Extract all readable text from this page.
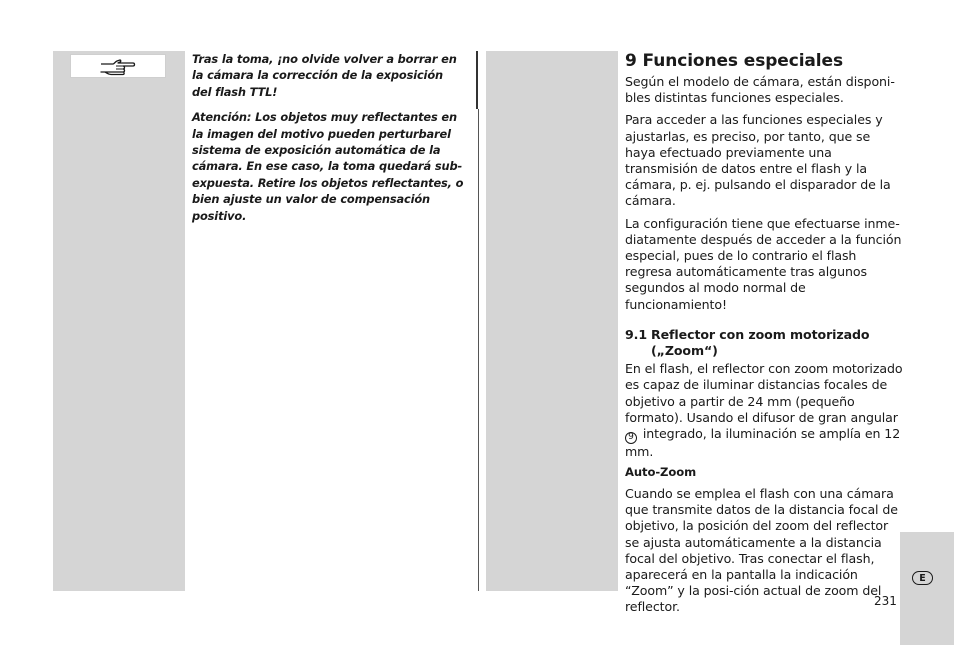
Tras la toma, ¡no olvide volver a borrar en la cámara la corrección de la exposición del flash TTL!

Atención: Los objetos muy reflectantes en la imagen del motivo pueden perturbarel sistema de exposición automática de la cámara. En ese caso, la toma quedará sub-expuesta. Retire los objetos reflectantes, o bien ajuste un valor de compensación positivo.

9 Funciones especiales

Según el modelo de cámara, están disponi-bles distintas funciones especiales.

Para acceder a las funciones especiales y ajustarlas, es preciso, por tanto, que se haya efectuado previamente una transmisión de datos entre el flash y la cámara, p. ej. pulsando el disparador de la cámara.

La configuración tiene que efectuarse inme-diatamente después de acceder a la función especial, pues de lo contrario el flash regresa automáticamente tras algunos segundos al modo normal de funcionamiento!

9.1 Reflector con zoom motorizado
(„Zoom“)

En el flash, el reflector con zoom motorizado es capaz de iluminar distancias focales de objetivo a partir de 24 mm (pequeño formato). Usando el difusor de gran angular
9 integrado, la iluminación se amplía en 12 mm.

Auto-Zoom

Cuando se emplea el flash con una cámara que transmite datos de la distancia focal de objetivo, la posición del zoom del reflector se ajusta automáticamente a la distancia focal del objetivo. Tras conectar el flash, aparecerá en la pantalla la indicación “Zoom” y la posi-ción actual de zoom del reflector.

E
231
